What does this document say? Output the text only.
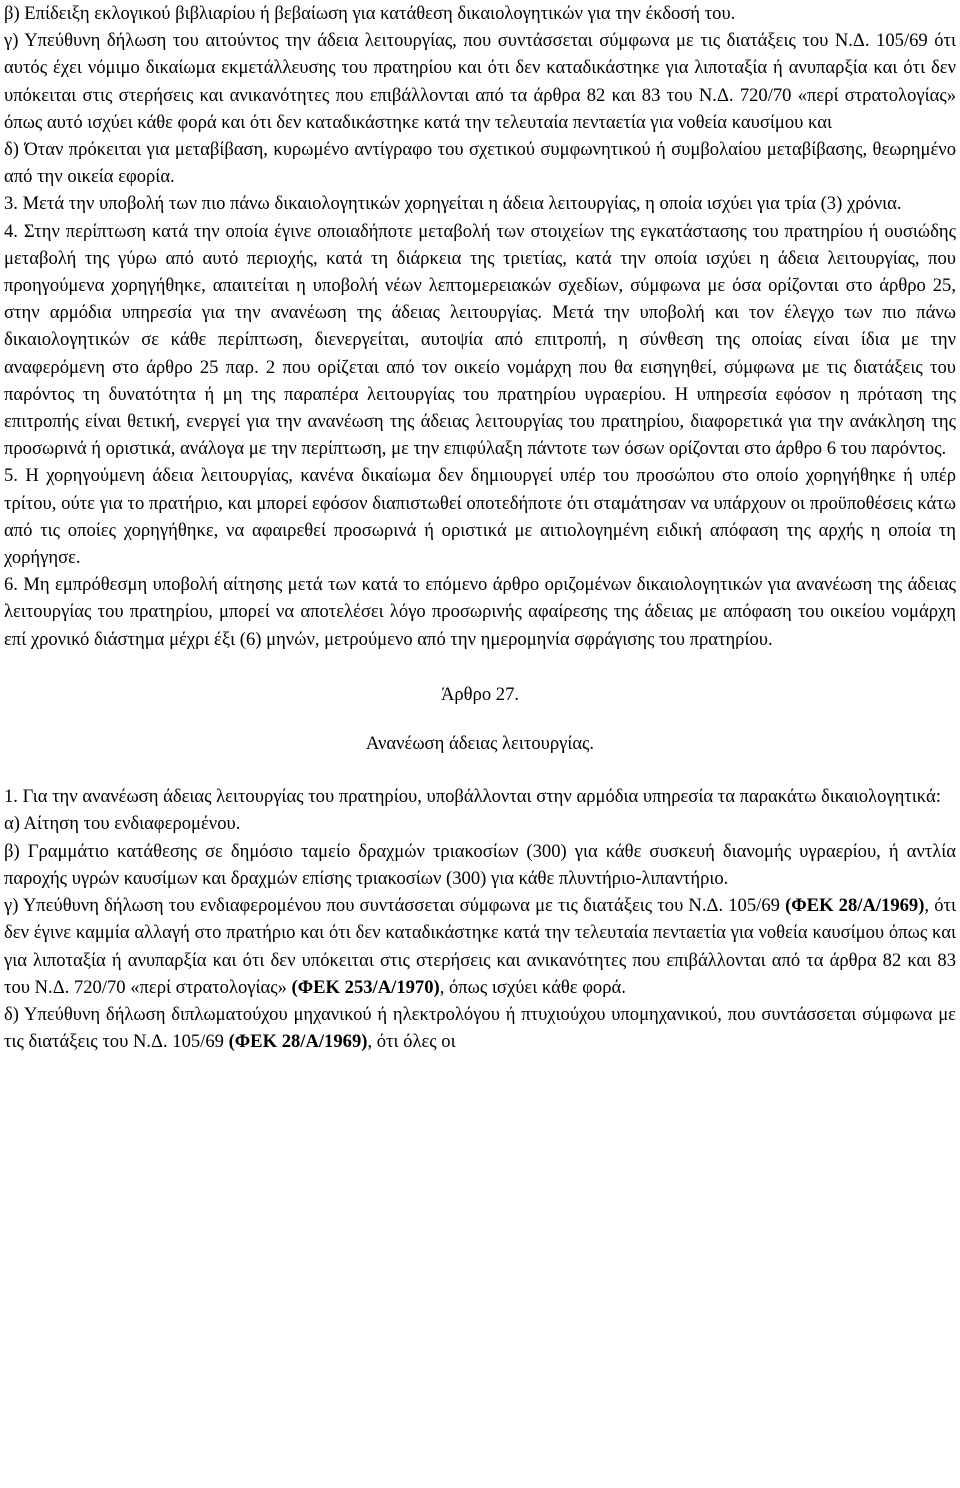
β) Επίδειξη εκλογικού βιβλιαρίου ή βεβαίωση για κατάθεση δικαιολογητικών για την έκδοσή του.

γ) Υπεύθυνη δήλωση του αιτούντος την άδεια λειτουργίας, που συντάσσεται σύμφωνα με τις διατάξεις του Ν.Δ. 105/69 ότι αυτός έχει νόμιμο δικαίωμα εκμετάλλευσης του πρατηρίου και ότι δεν καταδικάστηκε για λιποταξία ή ανυπαρξία και ότι δεν υπόκειται στις στερήσεις και ανικανότητες που επιβάλλονται από τα άρθρα 82 και 83 του Ν.Δ. 720/70 «περί στρατολογίας» όπως αυτό ισχύει κάθε φορά και ότι δεν καταδικάστηκε κατά την τελευταία πενταετία για νοθεία καυσίμου και

δ) Όταν πρόκειται για μεταβίβαση, κυρωμένο αντίγραφο του σχετικού συμφωνητικού ή συμβολαίου μεταβίβασης, θεωρημένο από την οικεία εφορία.

3. Μετά την υποβολή των πιο πάνω δικαιολογητικών χορηγείται η άδεια λειτουργίας, η οποία ισχύει για τρία (3) χρόνια.

4. Στην περίπτωση κατά την οποία έγινε οποιαδήποτε μεταβολή των στοιχείων της εγκατάστασης του πρατηρίου ή ουσιώδης μεταβολή της γύρω από αυτό περιοχής, κατά τη διάρκεια της τριετίας, κατά την οποία ισχύει η άδεια λειτουργίας, που προηγούμενα χορηγήθηκε, απαιτείται η υποβολή νέων λεπτομερειακών σχεδίων, σύμφωνα με όσα ορίζονται στο άρθρο 25, στην αρμόδια υπηρεσία για την ανανέωση της άδειας λειτουργίας. Μετά την υποβολή και τον έλεγχο των πιο πάνω δικαιολογητικών σε κάθε περίπτωση, διενεργείται, αυτοψία από επιτροπή, η σύνθεση της οποίας είναι ίδια με την αναφερόμενη στο άρθρο 25 παρ. 2 που ορίζεται από τον οικείο νομάρχη που θα εισηγηθεί, σύμφωνα με τις διατάξεις του παρόντος τη δυνατότητα ή μη της παραπέρα λειτουργίας του πρατηρίου υγραερίου. Η υπηρεσία εφόσον η πρόταση της επιτροπής είναι θετική, ενεργεί για την ανανέωση της άδειας λειτουργίας του πρατηρίου, διαφορετικά για την ανάκληση της προσωρινά ή οριστικά, ανάλογα με την περίπτωση, με την επιφύλαξη πάντοτε των όσων ορίζονται στο άρθρο 6 του παρόντος.

5. Η χορηγούμενη άδεια λειτουργίας, κανένα δικαίωμα δεν δημιουργεί υπέρ του προσώπου στο οποίο χορηγήθηκε ή υπέρ τρίτου, ούτε για το πρατήριο, και μπορεί εφόσον διαπιστωθεί οποτεδήποτε ότι σταμάτησαν να υπάρχουν οι προϋποθέσεις κάτω από τις οποίες χορηγήθηκε, να αφαιρεθεί προσωρινά ή οριστικά με αιτιολογημένη ειδική απόφαση της αρχής η οποία τη χορήγησε.

6. Μη εμπρόθεσμη υποβολή αίτησης μετά των κατά το επόμενο άρθρο οριζομένων δικαιολογητικών για ανανέωση της άδειας λειτουργίας του πρατηρίου, μπορεί να αποτελέσει λόγο προσωρινής αφαίρεσης της άδειας με απόφαση του οικείου νομάρχη επί χρονικό διάστημα μέχρι έξι (6) μηνών, μετρούμενο από την ημερομηνία σφράγισης του πρατηρίου.

Άρθρο 27.

Ανανέωση άδειας λειτουργίας.

1. Για την ανανέωση άδειας λειτουργίας του πρατηρίου, υποβάλλονται στην αρμόδια υπηρεσία τα παρακάτω δικαιολογητικά:

α) Αίτηση του ενδιαφερομένου.

β) Γραμμάτιο κατάθεσης σε δημόσιο ταμείο δραχμών τριακοσίων (300) για κάθε συσκευή διανομής υγραερίου, ή αντλία παροχής υγρών καυσίμων και δραχμών επίσης τριακοσίων (300) για κάθε πλυντήριο-λιπαντήριο.

γ) Υπεύθυνη δήλωση του ενδιαφερομένου που συντάσσεται σύμφωνα με τις διατάξεις του Ν.Δ. 105/69 (ΦΕΚ 28/Α/1969), ότι δεν έγινε καμμία αλλαγή στο πρατήριο και ότι δεν καταδικάστηκε κατά την τελευταία πενταετία για νοθεία καυσίμου όπως και για λιποταξία ή ανυπαρξία και ότι δεν υπόκειται στις στερήσεις και ανικανότητες που επιβάλλονται από τα άρθρα 82 και 83 του Ν.Δ. 720/70 «περί στρατολογίας» (ΦΕΚ 253/Α/1970), όπως ισχύει κάθε φορά.

δ) Υπεύθυνη δήλωση διπλωματούχου μηχανικού ή ηλεκτρολόγου ή πτυχιούχου υπομηχανικού, που συντάσσεται σύμφωνα με τις διατάξεις του Ν.Δ. 105/69 (ΦΕΚ 28/Α/1969), ότι όλες οι
